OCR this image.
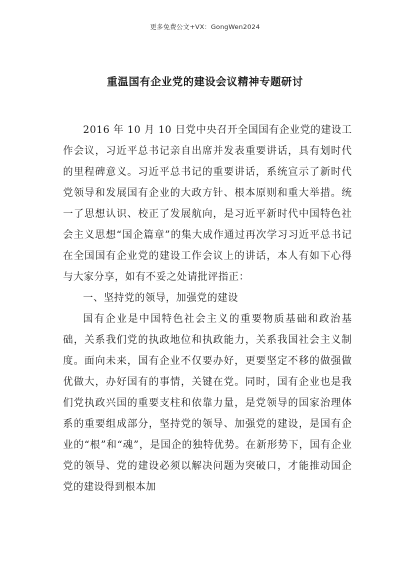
更多免费公文+VX：GongWen2024
重温国有企业党的建设会议精神专题研讨

2016 年 10 月 10 日党中央召开全国国有企业党的建设工作会议，习近平总书记亲自出席并发表重要讲话，具有划时代的里程碑意义。习近平总书记的重要讲话，系统宣示了新时代党领导和发展国有企业的大政方针、根本原则和重大举措。统一了思想认识、校正了发展航向，是习近平新时代中国特色社会主义思想“国企篇章”的集大成作通过再次学习习近平总书记在全国国有企业党的建设工作会议上的讲话，本人有如下心得与大家分享，如有不妥之处请批评指正：

一、坚持党的领导，加强党的建设

国有企业是中国特色社会主义的重要物质基础和政治基础，关系我们党的执政地位和执政能力，关系我国社会主义制度。面向未来，国有企业不仅要办好，更要坚定不移的做强做优做大，办好国有的事情，关键在党。同时，国有企业也是我们党执政兴国的重要支柱和依靠力量，是党领导的国家治理体系的重要组成部分，坚持党的领导、加强党的建设，是国有企业的“根”和“魂”，是国企的独特优势。在新形势下，国有企业党的领导、党的建设必须以解决问题为突破口，才能推动国企党的建设得到根本加
